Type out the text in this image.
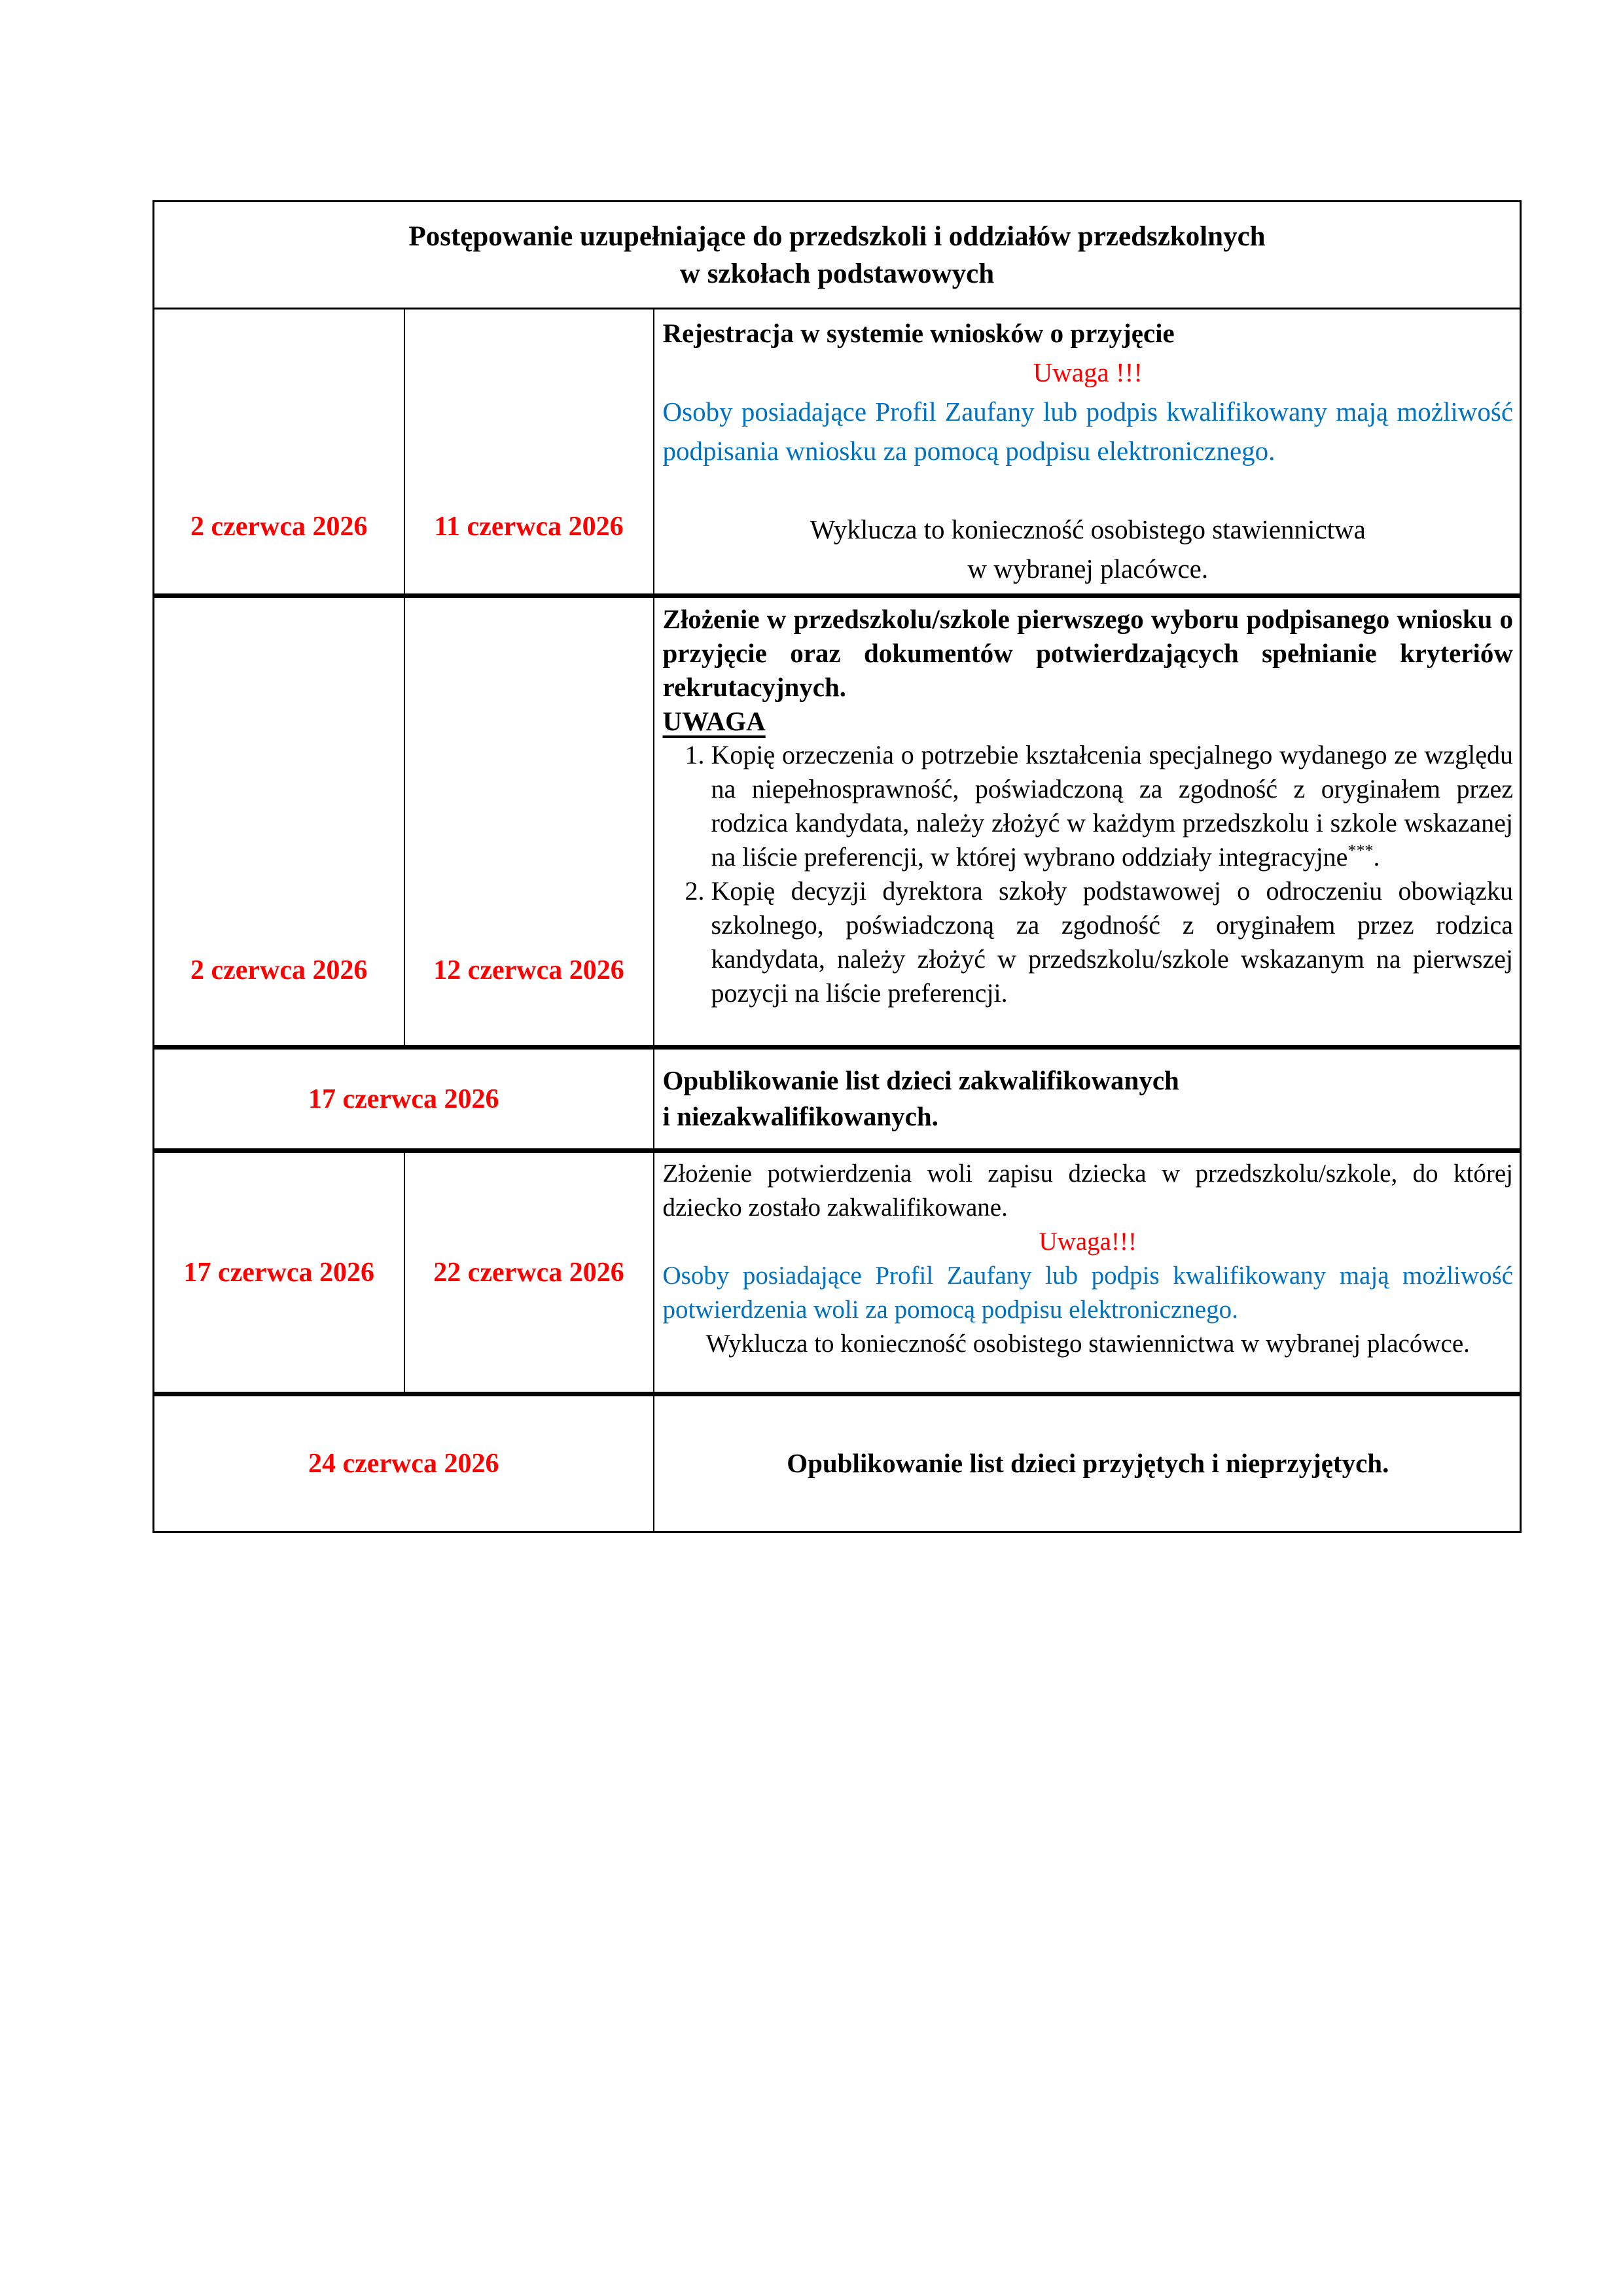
Postępowanie uzupełniające do przedszkoli i oddziałów przedszkolnych
w szkołach podstawowych		

2 czerwca 2026	11 czerwca 2026	Rejestracja w systemie wniosków o przyjęcie
Uwaga !!!
Osoby posiadające Profil Zaufany lub podpis kwalifikowany mają możliwość podpisania wniosku za pomocą podpisu elektronicznego.
Wyklucza to konieczność osobistego stawiennictwa
w wybranej placówce.

2 czerwca 2026	12 czerwca 2026	
Złożenie w przedszkolu/szkole pierwszego wyboru podpisanego wniosku o przyjęcie oraz dokumentów potwierdzających spełnianie kryteriów rekrutacyjnych.
UWAGA
1. Kopię orzeczenia o potrzebie kształcenia specjalnego wydanego ze względu na niepełnosprawność, poświadczoną za zgodność z oryginałem przez rodzica kandydata, należy złożyć w każdym przedszkolu i szkole wskazanej na liście preferencji, w której wybrano oddziały integracyjne***.
2. Kopię decyzji dyrektora szkoły podstawowej o odroczeniu obowiązku szkolnego, poświadczoną za zgodność z oryginałem przez rodzica kandydata, należy złożyć w przedszkolu/szkole wskazanym na pierwszej pozycji na liście preferencji.

17 czerwca 2026		Opublikowanie list dzieci zakwalifikowanych
i niezakwalifikowanych.

17 czerwca 2026	22 czerwca 2026	Złożenie potwierdzenia woli zapisu dziecka w przedszkolu/szkole, do której dziecko zostało zakwalifikowane.
Uwaga!!!
Osoby posiadające Profil Zaufany lub podpis kwalifikowany mają możliwość potwierdzenia woli za pomocą podpisu elektronicznego.
Wyklucza to konieczność osobistego stawiennictwa w wybranej placówce.

24 czerwca 2026		Opublikowanie list dzieci przyjętych i nieprzyjętych.
